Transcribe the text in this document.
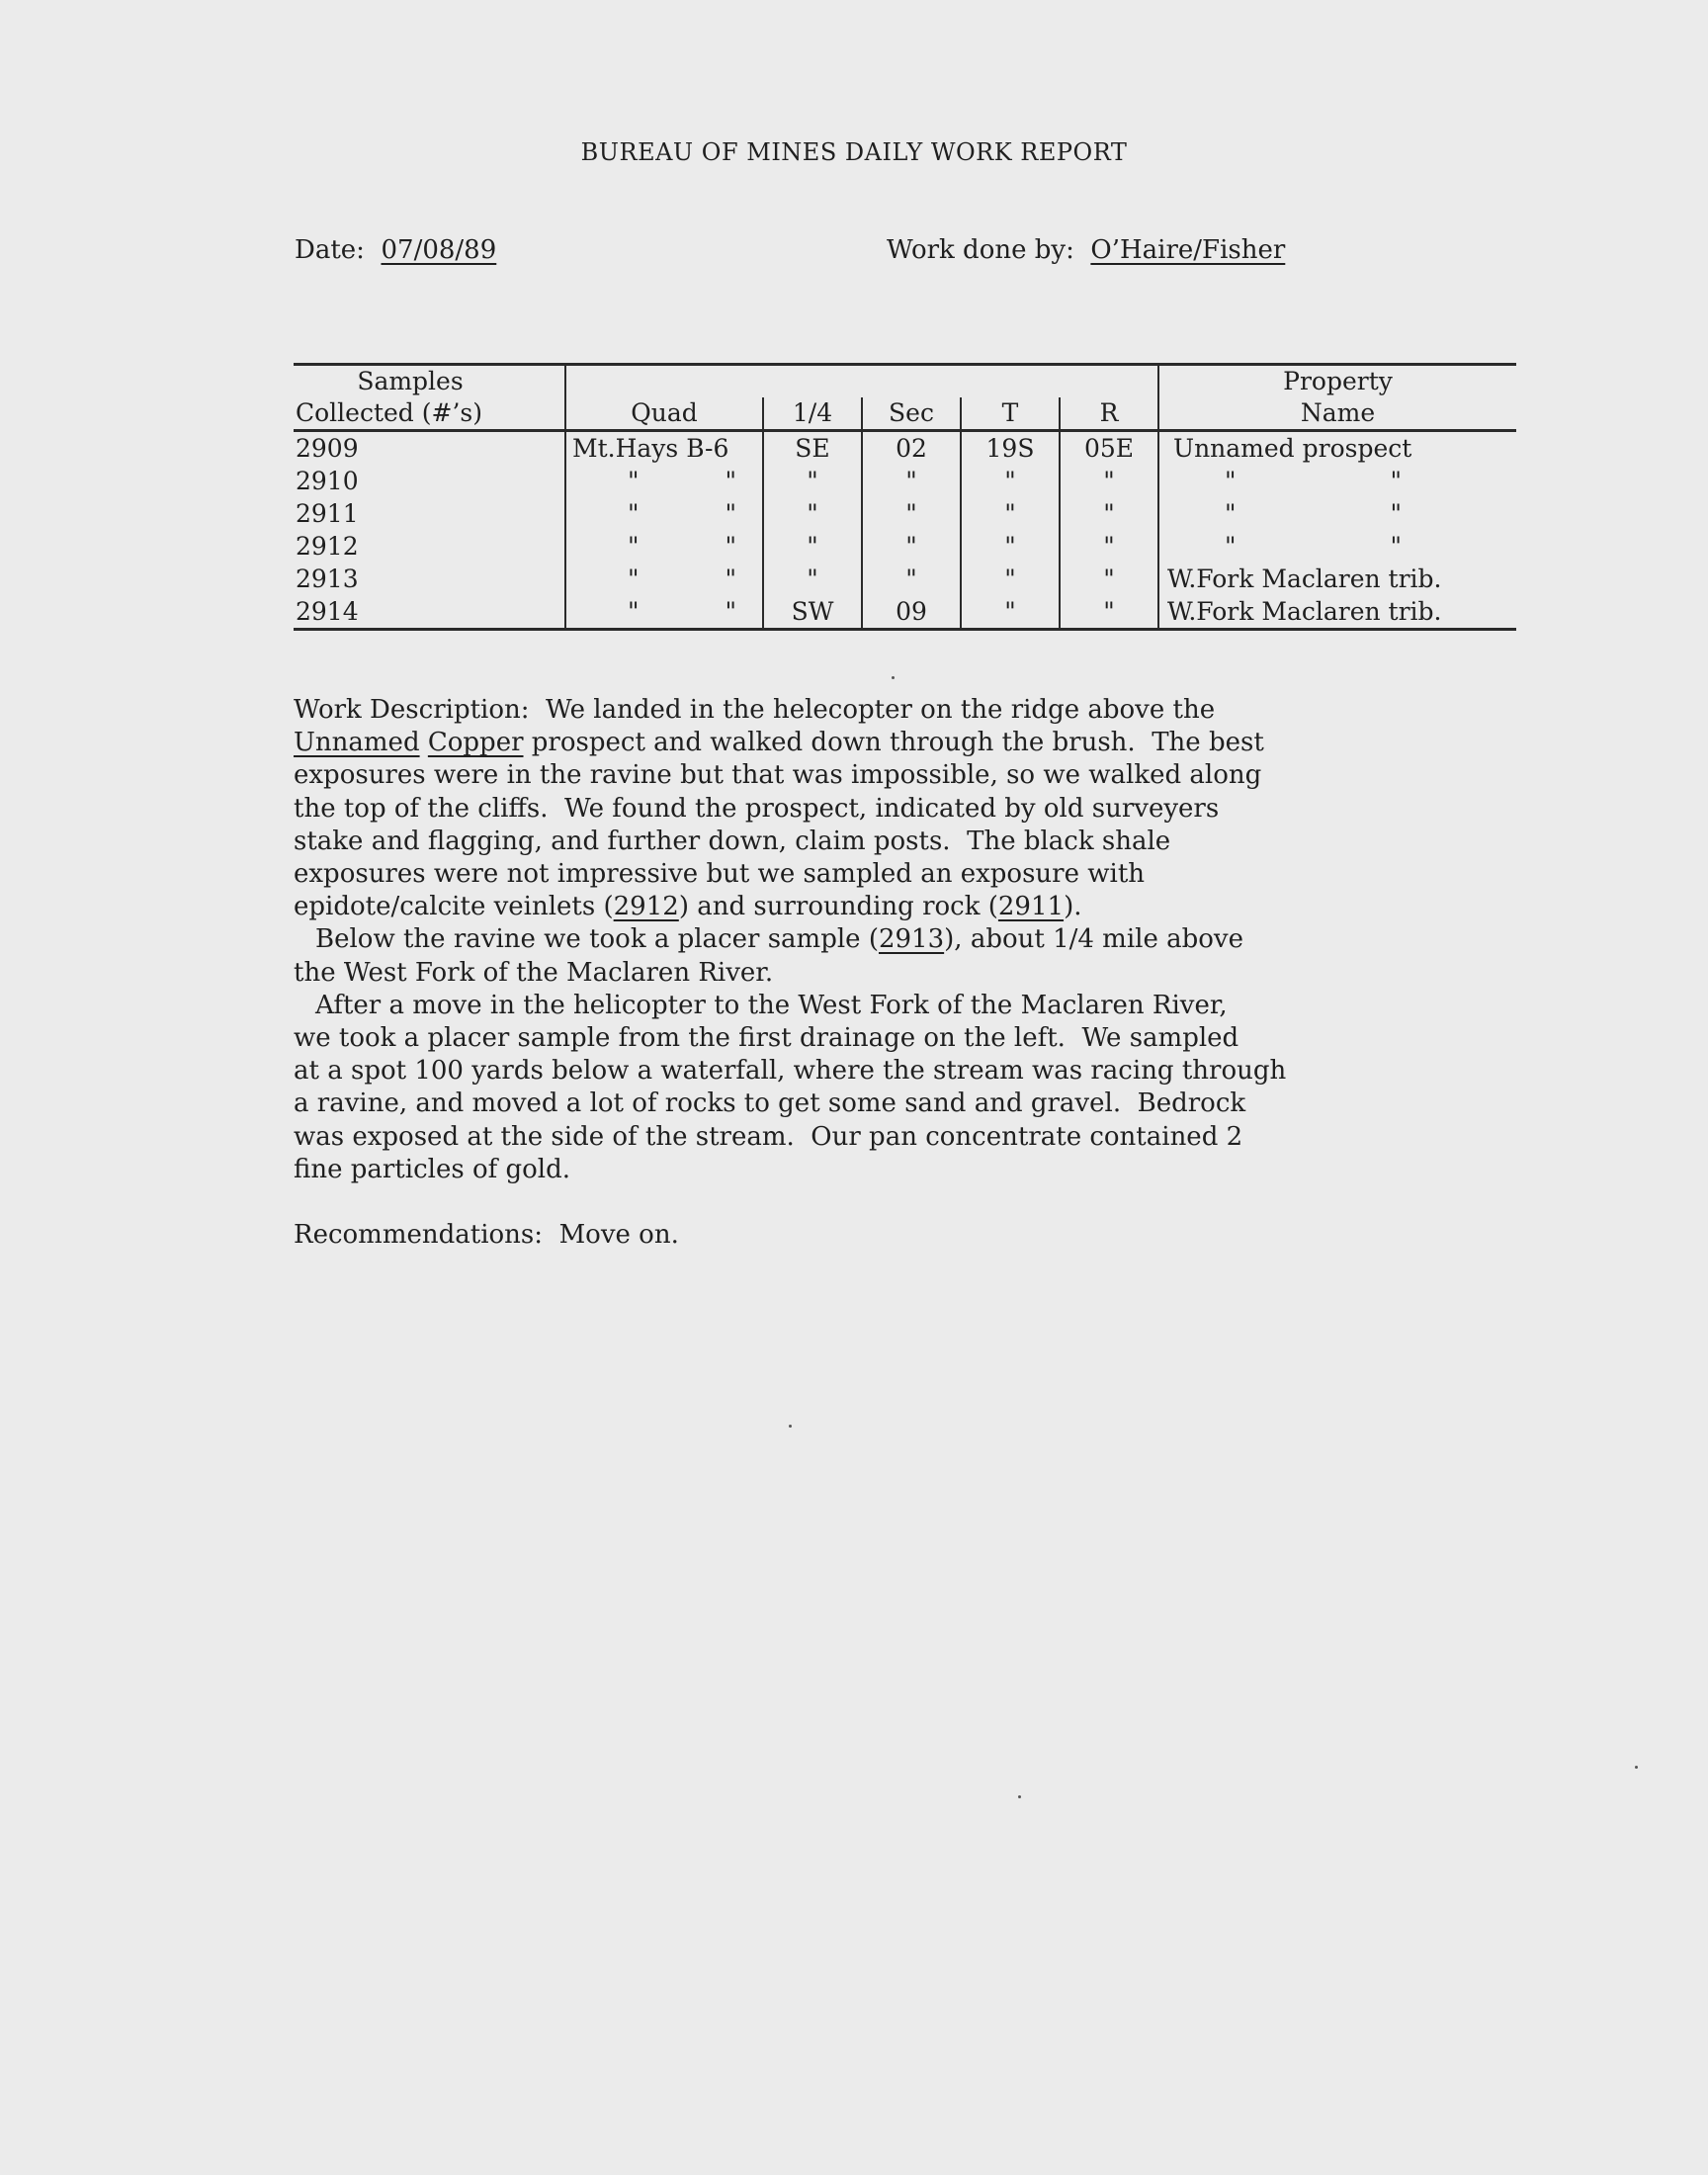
BUREAU OF MINES DAILY WORK REPORT
Date: 07/08/89	Work done by: O’Haire/Fisher
Samples						Property
Collected (#’s)	Quad	1/4	Sec	T	R	Name
2909	Mt.Hays B-6	SE	02	19S	05E	Unnamed prospect
2910	" "	"	"	"	"	" "

2911	" "	"	"	"	"	" "

2912	" "	"	"	"	"	" "

2913	" "	"	"	"	"	W.Fork Maclaren trib.
2914	" "	SW	09	"	"	W.Fork Maclaren trib.

Work Description:  We landed in the helecopter on the ridge above the
Unnamed Copper prospect and walked down through the brush.  The best
exposures were in the ravine but that was impossible, so we walked along
the top of the cliffs.  We found the prospect, indicated by old surveyers
stake and flagging, and further down, claim posts.  The black shale
exposures were not impressive but we sampled an exposure with
epidote/calcite veinlets (2912) and surrounding rock (2911).

Below the ravine we took a placer sample (2913), about 1/4 mile above
the West Fork of the Maclaren River.

After a move in the helicopter to the West Fork of the Maclaren River,
we took a placer sample from the first drainage on the left.  We sampled
at a spot 100 yards below a waterfall, where the stream was racing through
a ravine, and moved a lot of rocks to get some sand and gravel.  Bedrock
was exposed at the side of the stream.  Our pan concentrate contained 2
fine particles of gold.

Recommendations: Move on.
